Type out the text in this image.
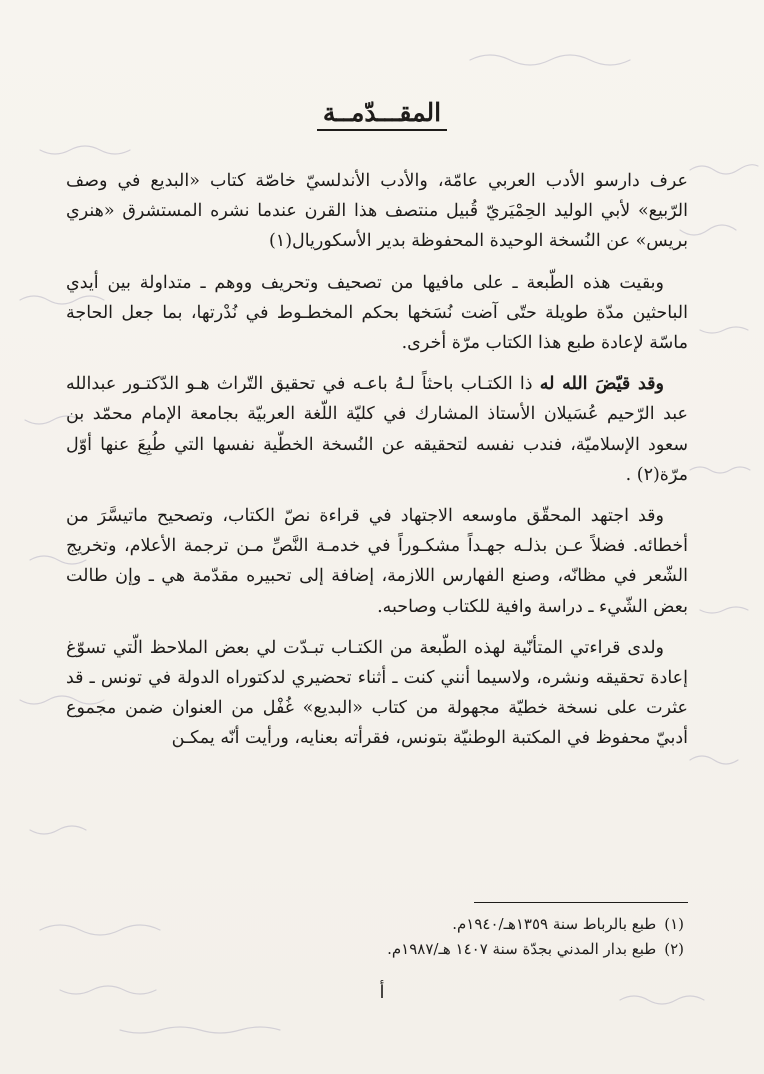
المقـــدّمــة

عرف دارسو الأدب العربي عامّة، والأدب الأندلسيّ خاصّة كتاب «البديع في وصف الرّبيع» لأبي الوليد الحِمْيَريّ قُبيل منتصف هذا القرن عندما نشره المستشرق «هنري بريس» عن النُسخة الوحيدة المحفوظة بدير الأسكوريال(١)

وبقيت هذه الطّبعة ـ على مافيها من تصحيف وتحريف ووهم ـ متداولة بين أيدي الباحثين مدّة طويلة حتّى آضت نُسَخها بحكم المخطـوط في نُدْرتها، بما جعل الحاجة ماسّة لإعادة طبع هذا الكتاب مرّة أخرى.

وقد قيّضَ الله له ذا الكتـاب باحثاً لـهُ باعـه في تحقيق التّراث هـو الدّكتـور عبدالله عبد الرّحيم عُسَيلان الأستاذ المشارك في كليّة اللّغة العربيّة بجامعة الإمام محمّد بن سعود الإسلاميّة، فندب نفسه لتحقيقه عن النُسخة الخطّية نفسها التي طُبِعَ عنها أوّل مرّة(٢) .

وقد اجتهد المحقّق ماوسعه الاجتهاد في قراءة نصّ الكتاب، وتصحيح ماتيسَّرَ من أخطائه. فضلاً عـن بذلـه جهـداً مشكـوراً في خدمـة النَّصِّ مـن ترجمة الأعلام، وتخريج الشّعر في مظانّه، وصنع الفهارس اللازمة، إضافة إلى تحبيره مقدّمة هي ـ وإن طالت بعض الشّيء ـ دراسة وافية للكتاب وصاحبه.

ولدى قراءتي المتأنّية لهذه الطّبعة من الكتـاب تبـدّت لي بعض الملاحظ الّتي تسوّغ إعادة تحقيقه ونشره، ولاسيما أنني كنت ـ أثناء تحضيري لدكتوراه الدولة في تونس ـ قد عثرت على نسخة خطيّة مجهولة من كتاب «البديع» غُفْل من العنوان ضمن مجموع أدبيّ محفوظ في المكتبة الوطنيّة بتونس، فقرأته بعنايه، ورأيت أنّه يمكـن

(١)طبع بالرباط سنة ١٣٥٩هـ/١٩٤٠م.

(٢)طبع بدار المدني بجدّة سنة ١٤٠٧ هـ/١٩٨٧م.

أ
